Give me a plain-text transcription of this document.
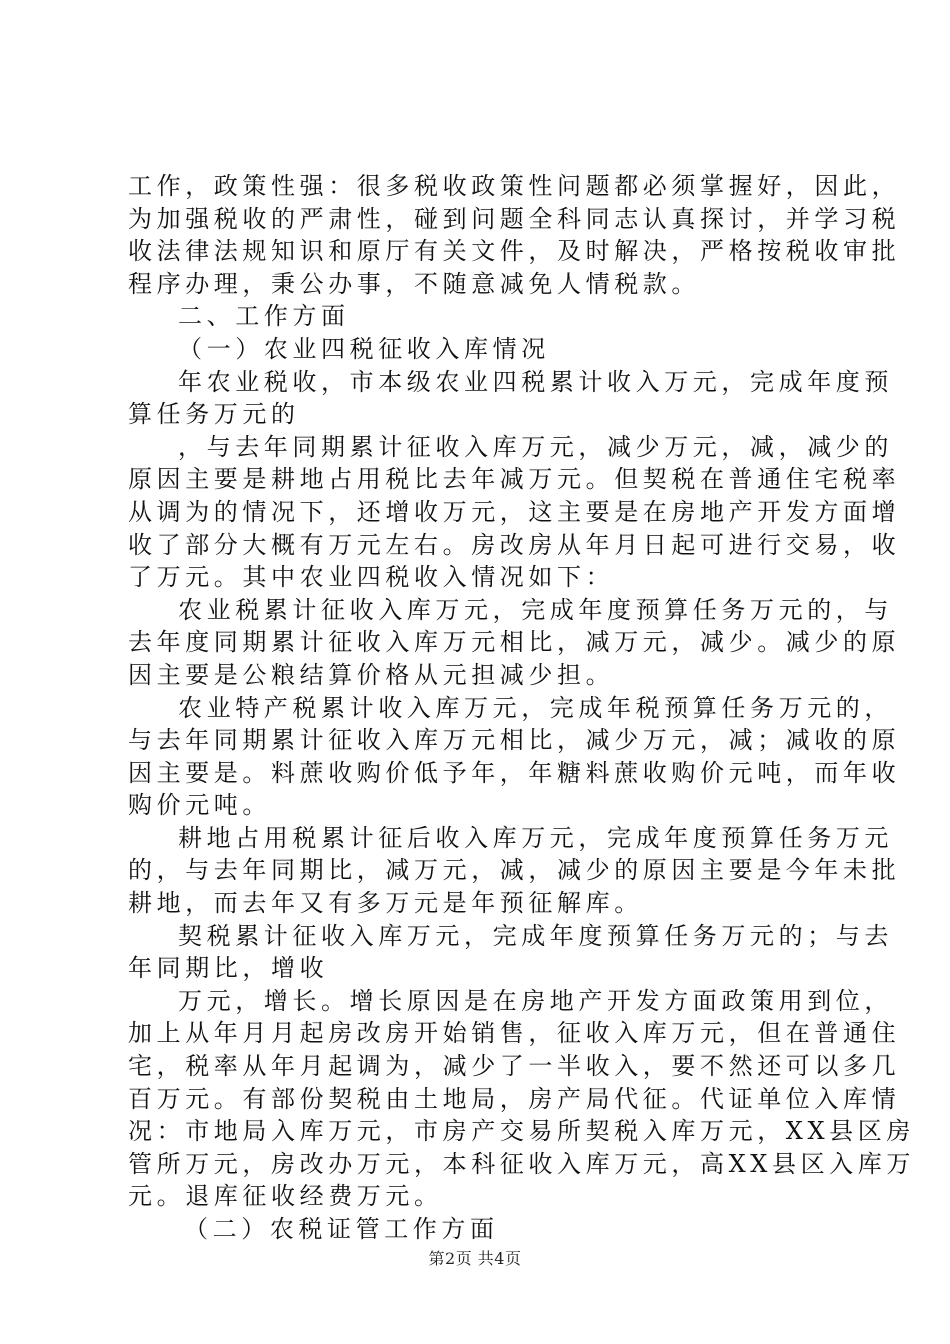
工作，政策性强：很多税收政策性问题都必须掌握好，因此，
为加强税收的严肃性，碰到问题全科同志认真探讨，并学习税
收法律法规知识和原厅有关文件，及时解决，严格按税收审批
程序办理，秉公办事，不随意减免人情税款。
二、工作方面
（一）农业四税征收入库情况
年农业税收，市本级农业四税累计收入万元，完成年度预
算任务万元的
，与去年同期累计征收入库万元，减少万元，减，减少的
原因主要是耕地占用税比去年减万元。但契税在普通住宅税率
从调为的情况下，还增收万元，这主要是在房地产开发方面增
收了部分大概有万元左右。房改房从年月日起可进行交易，收
了万元。其中农业四税收入情况如下：
农业税累计征收入库万元，完成年度预算任务万元的，与
去年度同期累计征收入库万元相比，减万元，减少。减少的原
因主要是公粮结算价格从元担减少担。
农业特产税累计收入库万元，完成年税预算任务万元的，
与去年同期累计征收入库万元相比，减少万元，减；减收的原
因主要是。料蔗收购价低予年，年糖料蔗收购价元吨，而年收
购价元吨。
耕地占用税累计征后收入库万元，完成年度预算任务万元
的，与去年同期比，减万元，减，减少的原因主要是今年未批
耕地，而去年又有多万元是年预征解库。
契税累计征收入库万元，完成年度预算任务万元的；与去
年同期比，增收
万元，增长。增长原因是在房地产开发方面政策用到位，
加上从年月月起房改房开始销售，征收入库万元，但在普通住
宅，税率从年月起调为，减少了一半收入，要不然还可以多几
百万元。有部份契税由土地局，房产局代征。代证单位入库情
况：市地局入库万元，市房产交易所契税入库万元，XX县区房
管所万元，房改办万元，本科征收入库万元，高XX县区入库万
元。退库征收经费万元。
（二）农税证管工作方面
第2页 共4页
